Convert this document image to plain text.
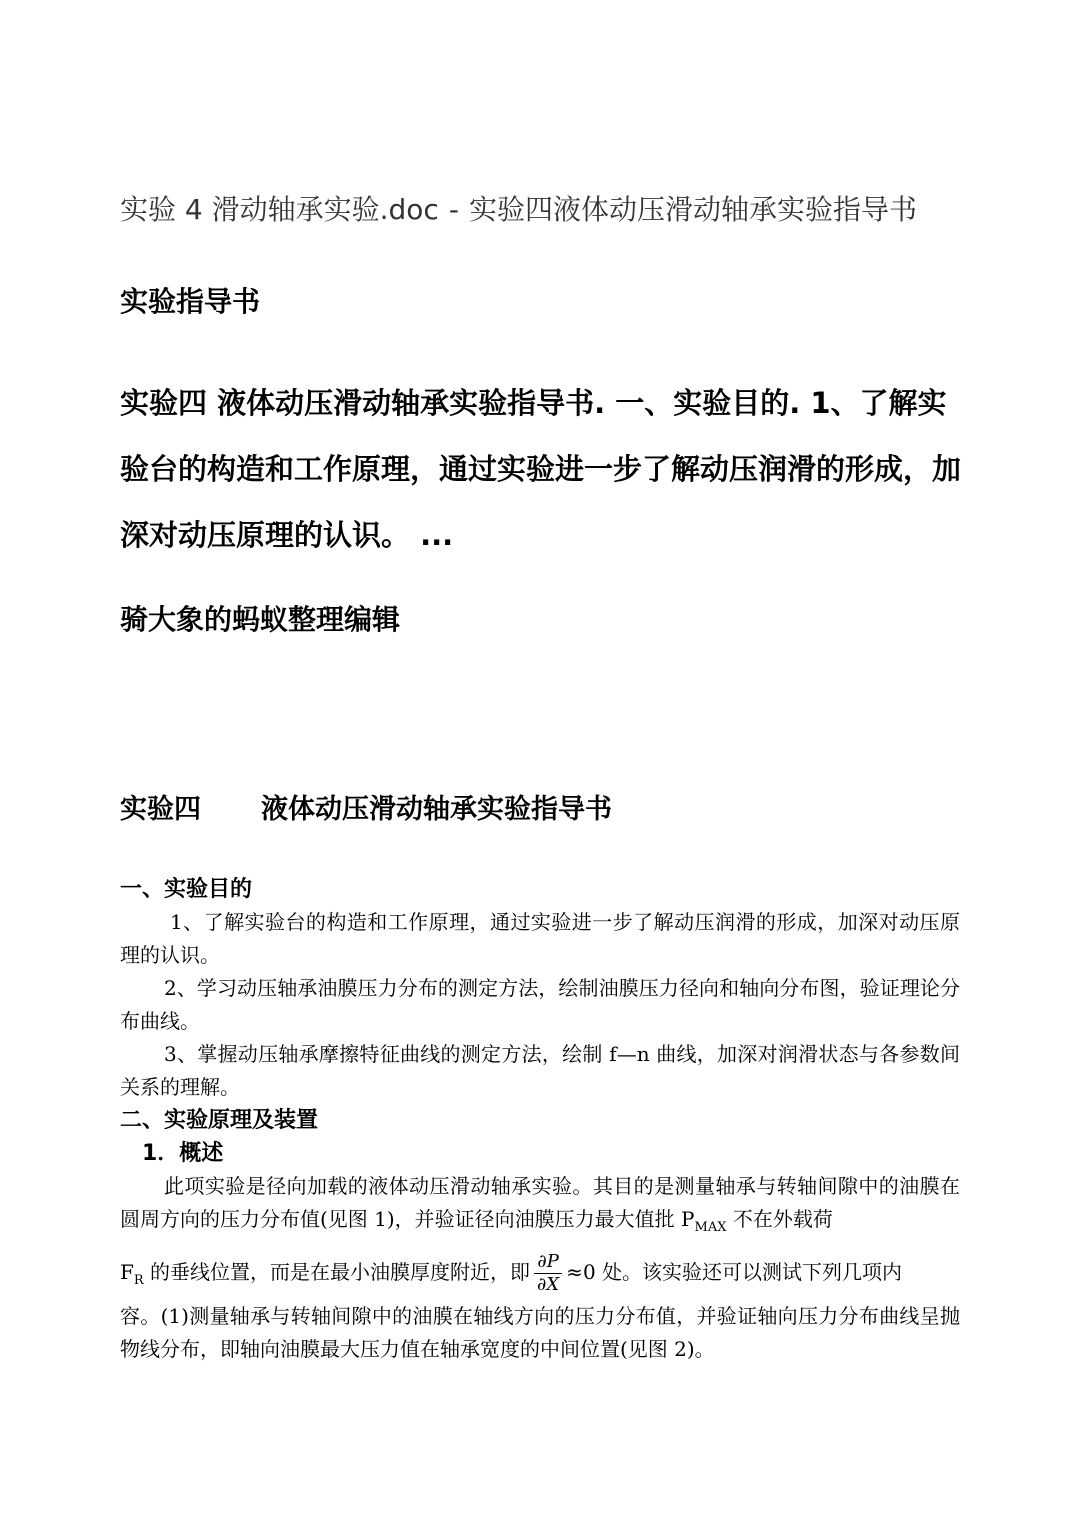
实验 4 滑动轴承实验.doc - 实验四液体动压滑动轴承实验指导书
实验指导书
实验四 液体动压滑动轴承实验指导书. 一、实验目的. 1、了解实验台的构造和工作原理，通过实验进一步了解动压润滑的形成，加深对动压原理的认识。 ...
骑大象的蚂蚁整理编辑
实验四 液体动压滑动轴承实验指导书

一、实验目的

1、了解实验台的构造和工作原理，通过实验进一步了解动压润滑的形成，加深对动压原理的认识。

2、学习动压轴承油膜压力分布的测定方法，绘制油膜压力径向和轴向分布图，验证理论分布曲线。

3、掌握动压轴承摩擦特征曲线的测定方法，绘制 f—n 曲线，加深对润滑状态与各参数间关系的理解。

二、实验原理及装置

1．概述

此项实验是径向加载的液体动压滑动轴承实验。其目的是测量轴承与转轴间隙中的油膜在圆周方向的压力分布值(见图 1)，并验证径向油膜压力最大值批 $P_{MAX}$ 不在外载荷

$F_R$ 的垂线位置，而是在最小油膜厚度附近，即 $\frac{\partial P}{\partial X} \approx 0$ 处。该实验还可以测试下列几项内

容。(1)测量轴承与转轴间隙中的油膜在轴线方向的压力分布值，并验证轴向压力分布曲线呈抛物线分布，即轴向油膜最大压力值在轴承宽度的中间位置(见图 2)。
